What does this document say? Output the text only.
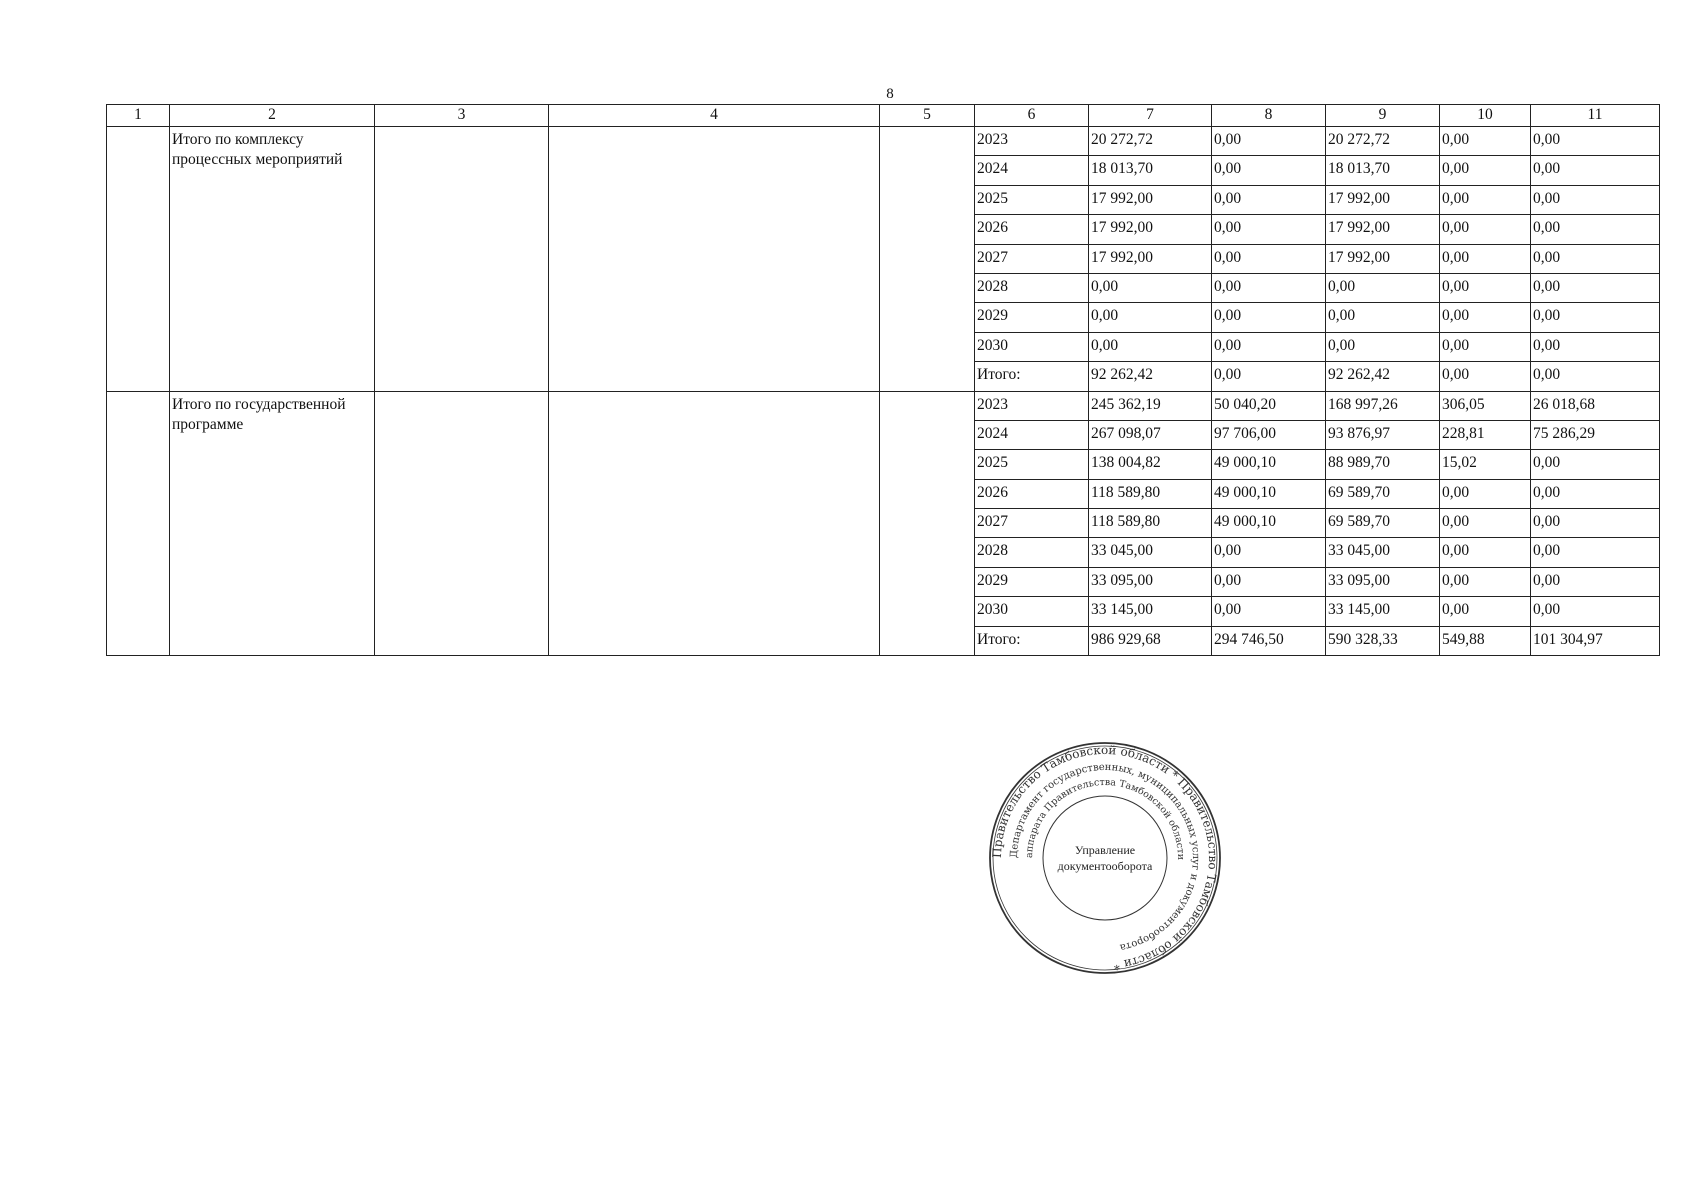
8
1	2	3	4	5	6	7	8	9	10	11
	Итого по комплексу процессных мероприятий				2023	20 272,72	0,00	20 272,72	0,00	0,00
					2024	18 013,70	0,00	18 013,70	0,00	0,00
					2025	17 992,00	0,00	17 992,00	0,00	0,00
					2026	17 992,00	0,00	17 992,00	0,00	0,00
					2027	17 992,00	0,00	17 992,00	0,00	0,00
					2028	0,00	0,00	0,00	0,00	0,00
					2029	0,00	0,00	0,00	0,00	0,00
					2030	0,00	0,00	0,00	0,00	0,00
					Итого:	92 262,42	0,00	92 262,42	0,00	0,00
	Итого по государственной программе				2023	245 362,19	50 040,20	168 997,26	306,05	26 018,68
					2024	267 098,07	97 706,00	93 876,97	228,81	75 286,29
					2025	138 004,82	49 000,10	88 989,70	15,02	0,00
					2026	118 589,80	49 000,10	69 589,70	0,00	0,00
					2027	118 589,80	49 000,10	69 589,70	0,00	0,00
					2028	33 045,00	0,00	33 045,00	0,00	0,00
					2029	33 095,00	0,00	33 095,00	0,00	0,00
					2030	33 145,00	0,00	33 145,00	0,00	0,00
					Итого:	986 929,68	294 746,50	590 328,33	549,88	101 304,97
Правительство Тамбовской области * Правительство Тамбовской области *
Департамент государственных, муниципальных услуг и документооборота
аппарата Правительства Тамбовской области
Управление
документооборота
